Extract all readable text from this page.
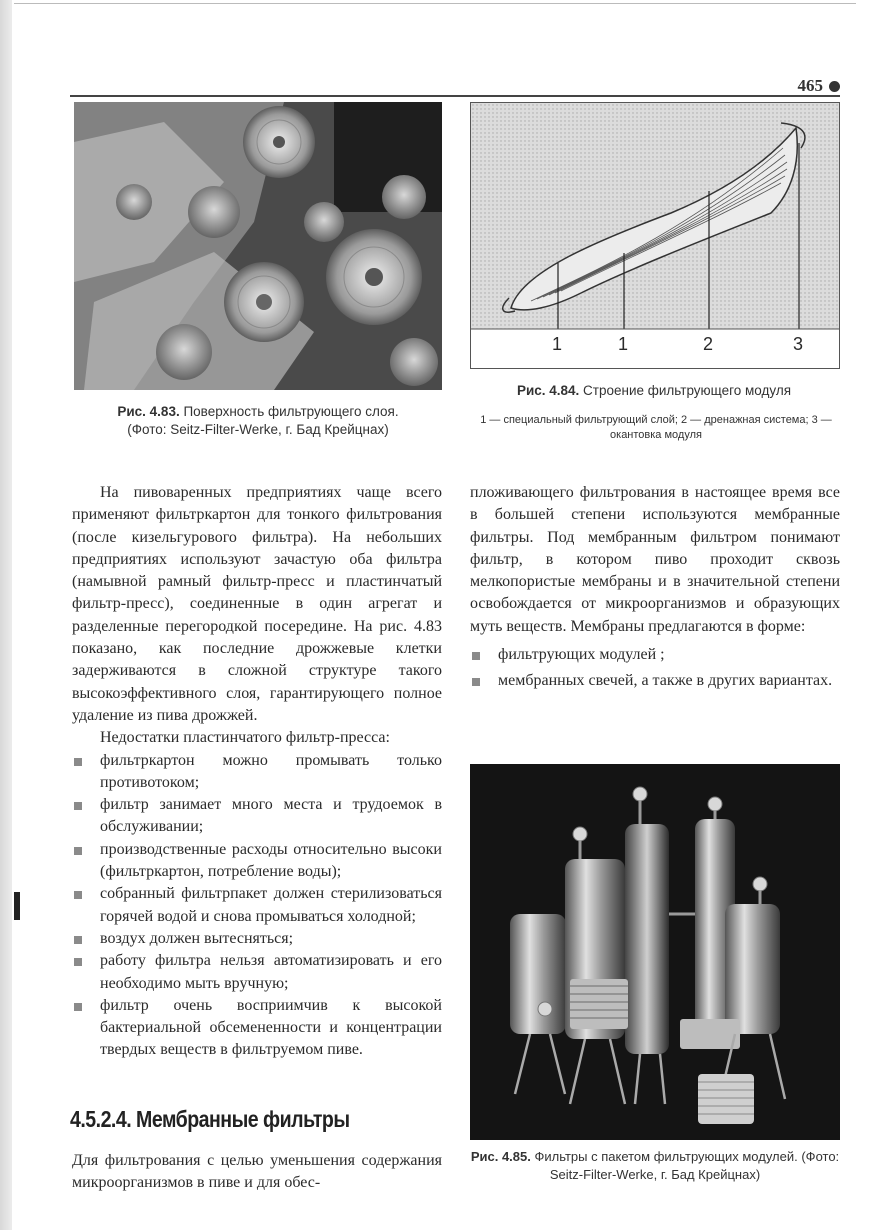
465
Рис. 4.83. Поверхность фильтрующего слоя.
(Фото: Seitz-Filter-Werke, г. Бад Крейцнах)
1	1	2	3
Рис. 4.84. Строение фильтрующего модуля
1 — специальный фильтрующий слой; 2 — дренажная система; 3 — окантовка модуля

На пивоваренных предприятиях чаще всего применяют фильтркартон для тонкого фильтрования (после кизельгурового фильтра). На небольших предприятиях используют зачастую оба фильтра (намывной рамный фильтр-пресс и пластинчатый фильтр-пресс), соединенные в один агрегат и разделенные перегородкой посередине. На рис. 4.83 показано, как последние дрожжевые клетки задерживаются в сложной структуре такого высокоэффективного слоя, гарантирующего полное удаление из пива дрожжей.

Недостатки пластинчатого фильтр-пресса:

фильтркартон можно промывать только противотоком;
фильтр занимает много места и трудоемок в обслуживании;
производственные расходы относительно высоки (фильтркартон, потребление воды);
собранный фильтрпакет должен стерилизоваться горячей водой и снова промываться холодной;
воздух должен вытесняться;
работу фильтра нельзя автоматизировать и его необходимо мыть вручную;
фильтр очень восприимчив к высокой бактериальной обсемененности и концентрации твердых веществ в фильтруемом пиве.
4.5.2.4. Мембранные фильтры

Для фильтрования с целью уменьшения содержания микроорганизмов в пиве и для обес-

пложивающего фильтрования в настоящее время все в большей степени используются мембранные фильтры. Под мембранным фильтром понимают фильтр, в котором пиво проходит сквозь мелкопористые мембраны и в значительной степени освобождается от микроорганизмов и образующих муть веществ. Мембраны предлагаются в форме:

фильтрующих модулей ;
мембранных свечей, а также в других вариантах.
Рис. 4.85. Фильтры с пакетом фильтрующих модулей. (Фото: Seitz-Filter-Werke, г. Бад Крейцнах)
